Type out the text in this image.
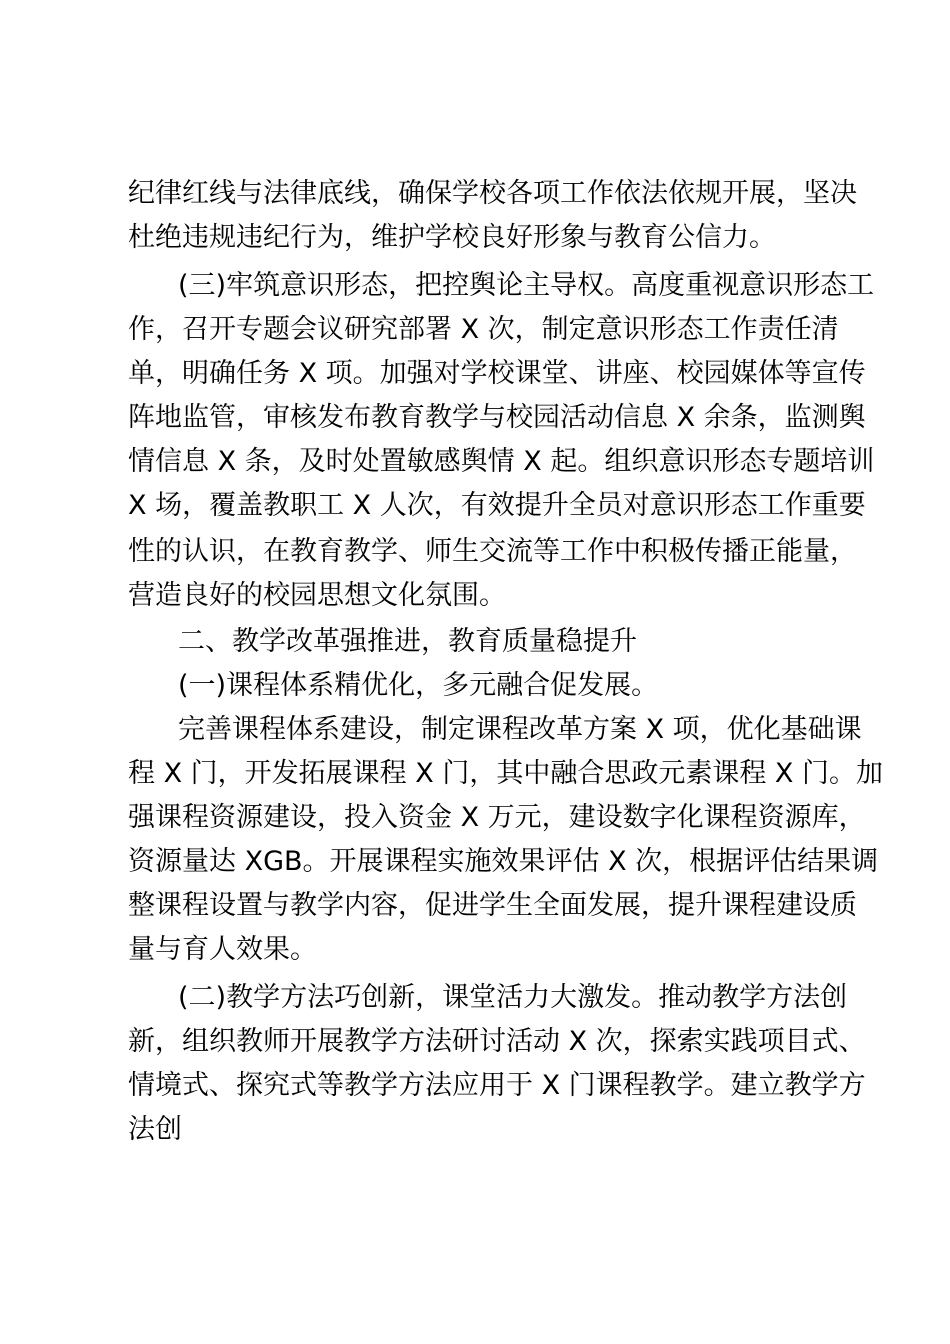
纪律红线与法律底线，确保学校各项工作依法依规开展，坚决
杜绝违规违纪行为，维护学校良好形象与教育公信力。
(三)牢筑意识形态，把控舆论主导权。高度重视意识形态工
作，召开专题会议研究部署 X 次，制定意识形态工作责任清
单，明确任务 X 项。加强对学校课堂、讲座、校园媒体等宣传
阵地监管，审核发布教育教学与校园活动信息 X 余条，监测舆
情信息 X 条，及时处置敏感舆情 X 起。组织意识形态专题培训
X 场，覆盖教职工 X 人次，有效提升全员对意识形态工作重要
性的认识，在教育教学、师生交流等工作中积极传播正能量，
营造良好的校园思想文化氛围。
二、教学改革强推进，教育质量稳提升
(一)课程体系精优化，多元融合促发展。
完善课程体系建设，制定课程改革方案 X 项，优化基础课
程 X 门，开发拓展课程 X 门，其中融合思政元素课程 X 门。加
强课程资源建设，投入资金 X 万元，建设数字化课程资源库，
资源量达 XGB。开展课程实施效果评估 X 次，根据评估结果调
整课程设置与教学内容，促进学生全面发展，提升课程建设质
量与育人效果。
(二)教学方法巧创新，课堂活力大激发。推动教学方法创
新，组织教师开展教学方法研讨活动 X 次，探索实践项目式、
情境式、探究式等教学方法应用于 X 门课程教学。建立教学方
法创
